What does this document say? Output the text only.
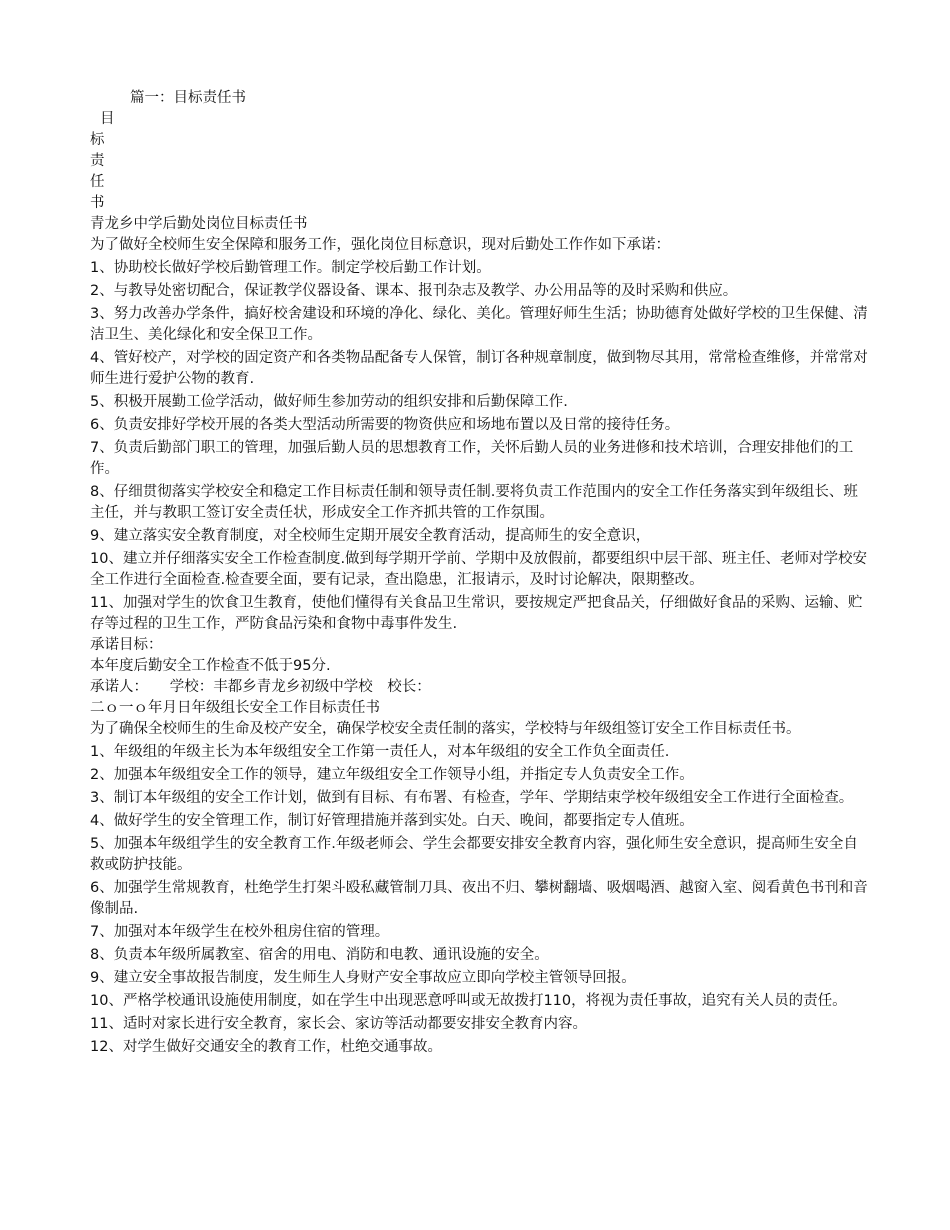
篇一：目标责任书
目
标
责
任
书

青龙乡中学后勤处岗位目标责任书

为了做好全校师生安全保障和服务工作，强化岗位目标意识，现对后勤处工作作如下承诺：

1、协助校长做好学校后勤管理工作。制定学校后勤工作计划。

2、与教导处密切配合，保证教学仪器设备、课本、报刊杂志及教学、办公用品等的及时采购和供应。

3、努力改善办学条件，搞好校舍建设和环境的净化、绿化、美化。管理好师生生活；协助德育处做好学校的卫生保健、清洁卫生、美化绿化和安全保卫工作。

4、管好校产，对学校的固定资产和各类物品配备专人保管，制订各种规章制度，做到物尽其用，常常检查维修，并常常对师生进行爱护公物的教育.

5、积极开展勤工俭学活动，做好师生参加劳动的组织安排和后勤保障工作.

6、负责安排好学校开展的各类大型活动所需要的物资供应和场地布置以及日常的接待任务。

7、负责后勤部门职工的管理，加强后勤人员的思想教育工作，关怀后勤人员的业务进修和技术培训，合理安排他们的工作。

8、仔细贯彻落实学校安全和稳定工作目标责任制和领导责任制.要将负责工作范围内的安全工作任务落实到年级组长、班主任，并与教职工签订安全责任状，形成安全工作齐抓共管的工作氛围。

9、建立落实安全教育制度，对全校师生定期开展安全教育活动，提高师生的安全意识，

10、建立并仔细落实安全工作检查制度.做到每学期开学前、学期中及放假前，都要组织中层干部、班主任、老师对学校安全工作进行全面检查.检查要全面，要有记录，查出隐患，汇报请示，及时讨论解决，限期整改。

11、加强对学生的饮食卫生教育，使他们懂得有关食品卫生常识，要按规定严把食品关，仔细做好食品的采购、运输、贮存等过程的卫生工作，严防食品污染和食物中毒事件发生.

承诺目标：

本年度后勤安全工作检查不低于95分.

承诺人：　　学校：丰都乡青龙乡初级中学校　校长：

二ｏ一ｏ年月日年级组长安全工作目标责任书

为了确保全校师生的生命及校产安全，确保学校安全责任制的落实，学校特与年级组签订安全工作目标责任书。

1、年级组的年级主长为本年级组安全工作第一责任人，对本年级组的安全工作负全面责任.

2、加强本年级组安全工作的领导，建立年级组安全工作领导小组，并指定专人负责安全工作。

3、制订本年级组的安全工作计划，做到有目标、有布署、有检查，学年、学期结束学校年级组安全工作进行全面检查。

4、做好学生的安全管理工作，制订好管理措施并落到实处。白天、晚间，都要指定专人值班。

5、加强本年级组学生的安全教育工作.年级老师会、学生会都要安排安全教育内容，强化师生安全意识，提高师生安全自救或防护技能。

6、加强学生常规教育，杜绝学生打架斗殴私藏管制刀具、夜出不归、攀树翻墙、吸烟喝酒、越窗入室、阅看黄色书刊和音像制品.

7、加强对本年级学生在校外租房住宿的管理。

8、负责本年级所属教室、宿舍的用电、消防和电教、通讯设施的安全。

9、建立安全事故报告制度，发生师生人身财产安全事故应立即向学校主管领导回报。

10、严格学校通讯设施使用制度，如在学生中出现恶意呼叫或无故拨打110，将视为责任事故，追究有关人员的责任。

11、适时对家长进行安全教育，家长会、家访等活动都要安排安全教育内容。

12、对学生做好交通安全的教育工作，杜绝交通事故。
